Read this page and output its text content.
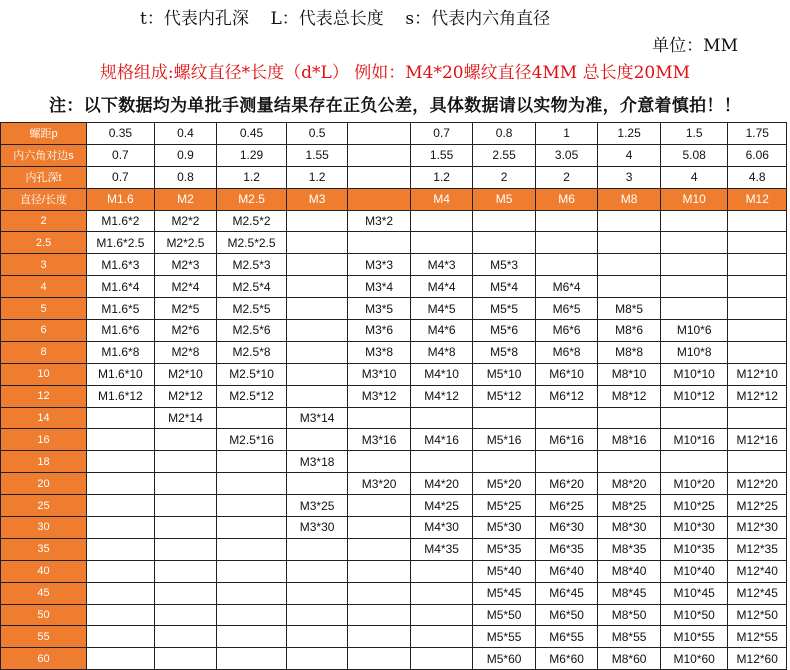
t：代表内孔深    L：代表总长度    s：代表内六角直径
单位：MM
规格组成:螺纹直径*长度（d*L） 例如：M4*20螺纹直径4MM 总长度20MM
注：以下数据均为单批手测量结果存在正负公差，具体数据请以实物为准，介意着慎拍！！
螺距p	0.35	0.4	0.45	0.5		0.7	0.8	1	1.25	1.5	1.75
内六角对边s	0.7	0.9	1.29	1.55		1.55	2.55	3.05	4	5.08	6.06
内孔深t	0.7	0.8	1.2	1.2		1.2	2	2	3	4	4.8
直径/长度	M1.6	M2	M2.5	M3		M4	M5	M6	M8	M10	M12
2	M1.6*2	M2*2	M2.5*2		M3*2						
2.5	M1.6*2.5	M2*2.5	M2.5*2.5								
3	M1.6*3	M2*3	M2.5*3		M3*3	M4*3	M5*3				
4	M1.6*4	M2*4	M2.5*4		M3*4	M4*4	M5*4	M6*4			
5	M1.6*5	M2*5	M2.5*5		M3*5	M4*5	M5*5	M6*5	M8*5		
6	M1.6*6	M2*6	M2.5*6		M3*6	M4*6	M5*6	M6*6	M8*6	M10*6	
8	M1.6*8	M2*8	M2.5*8		M3*8	M4*8	M5*8	M6*8	M8*8	M10*8	
10	M1.6*10	M2*10	M2.5*10		M3*10	M4*10	M5*10	M6*10	M8*10	M10*10	M12*10
12	M1.6*12	M2*12	M2.5*12		M3*12	M4*12	M5*12	M6*12	M8*12	M10*12	M12*12
14		M2*14		M3*14							
16			M2.5*16		M3*16	M4*16	M5*16	M6*16	M8*16	M10*16	M12*16
18				M3*18							
20					M3*20	M4*20	M5*20	M6*20	M8*20	M10*20	M12*20
25				M3*25		M4*25	M5*25	M6*25	M8*25	M10*25	M12*25
30				M3*30		M4*30	M5*30	M6*30	M8*30	M10*30	M12*30
35						M4*35	M5*35	M6*35	M8*35	M10*35	M12*35
40							M5*40	M6*40	M8*40	M10*40	M12*40
45							M5*45	M6*45	M8*45	M10*45	M12*45
50							M5*50	M6*50	M8*50	M10*50	M12*50
55							M5*55	M6*55	M8*55	M10*55	M12*55
60							M5*60	M6*60	M8*60	M10*60	M12*60
